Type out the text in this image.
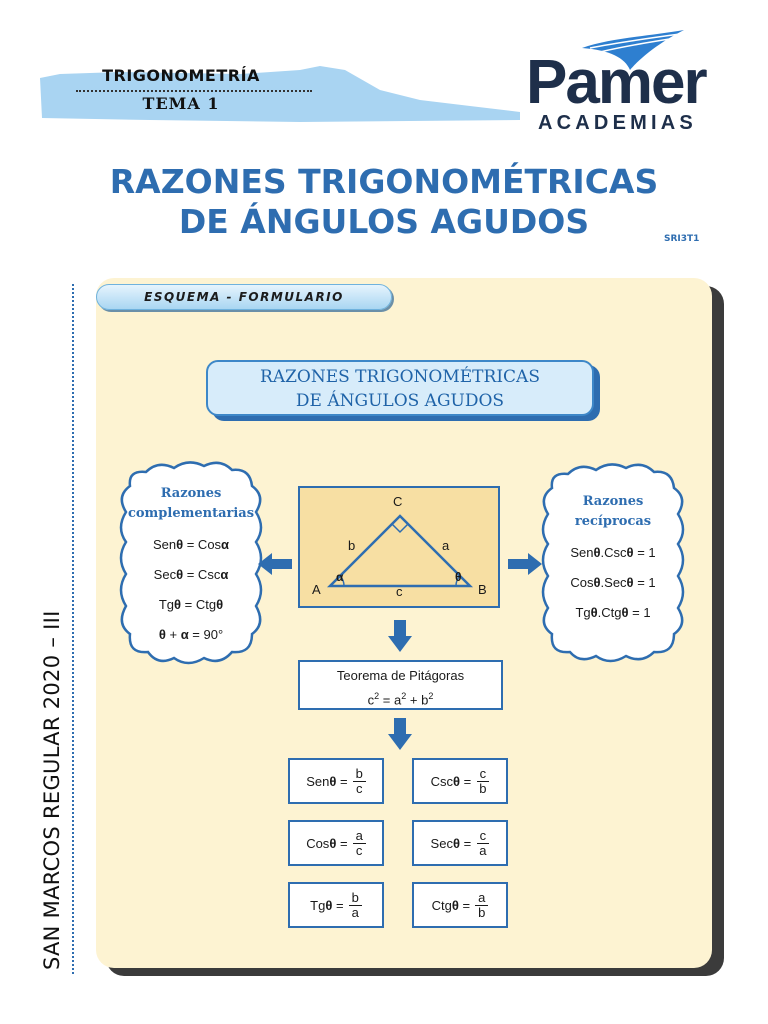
TRIGONOMETRÍA
TEMA 1	Pamer
ACADEMIAS
RAZONES TRIGONOMÉTRICAS
DE ÁNGULOS AGUDOS	SRI3T1
SAN MARCOS REGULAR 2020 – III
ESQUEMA - FORMULARIO
RAZONES TRIGONOMÉTRICAS
DE ÁNGULOS AGUDOS
Razones
complementarias
Senθ = Cosα
Secθ = Cscα
Tgθ = Ctgθ
θ + α = 90°
Razones
recíprocas
Senθ.Cscθ = 1
Cosθ.Secθ = 1
Tgθ.Ctgθ = 1
C
A	B
b	a
c
α	θ
Teorema de Pitágoras
$c^2 = a^2 + b^2$
Sen $\theta = \frac{b}{c}$	Csc $\theta = \frac{c}{b}$
Cos $\theta = \frac{a}{c}$	Sec $\theta = \frac{c}{a}$
Tg $\theta = \frac{b}{a}$	Ctg $\theta = \frac{a}{b}$
